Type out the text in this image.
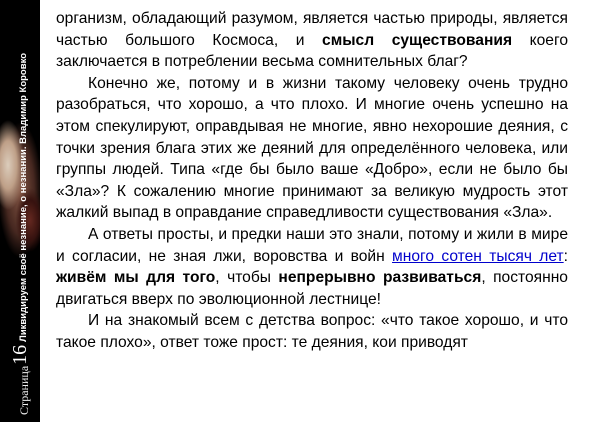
Страница
16
Ликвидируем своё незнание, о незнании. Владимир Коровко

организм, обладающий разумом, является частью природы, является частью большого Космоса, и смысл существования коего заключается в потреблении весьма сомнительных благ?

Конечно же, потому и в жизни такому человеку очень трудно разобраться, что хорошо, а что плохо. И многие очень успешно на этом спекулируют, оправдывая не многие, явно нехорошие деяния, с точки зрения блага этих же деяний для определённого человека, или группы людей. Типа «где бы было ваше «Добро», если не было бы «Зла»? К сожалению многие принимают за великую мудрость этот жалкий выпад в оправдание справедливости существования «Зла».

А ответы просты, и предки наши это знали, потому и жили в мире и согласии, не зная лжи, воровства и войн много сотен тысяч лет: живём мы для того, чтобы непрерывно развиваться, постоянно двигаться вверх по эволюционной лестнице!

И на знакомый всем с детства вопрос: «что такое хорошо, и что такое плохо», ответ тоже прост: те деяния, кои приводят
